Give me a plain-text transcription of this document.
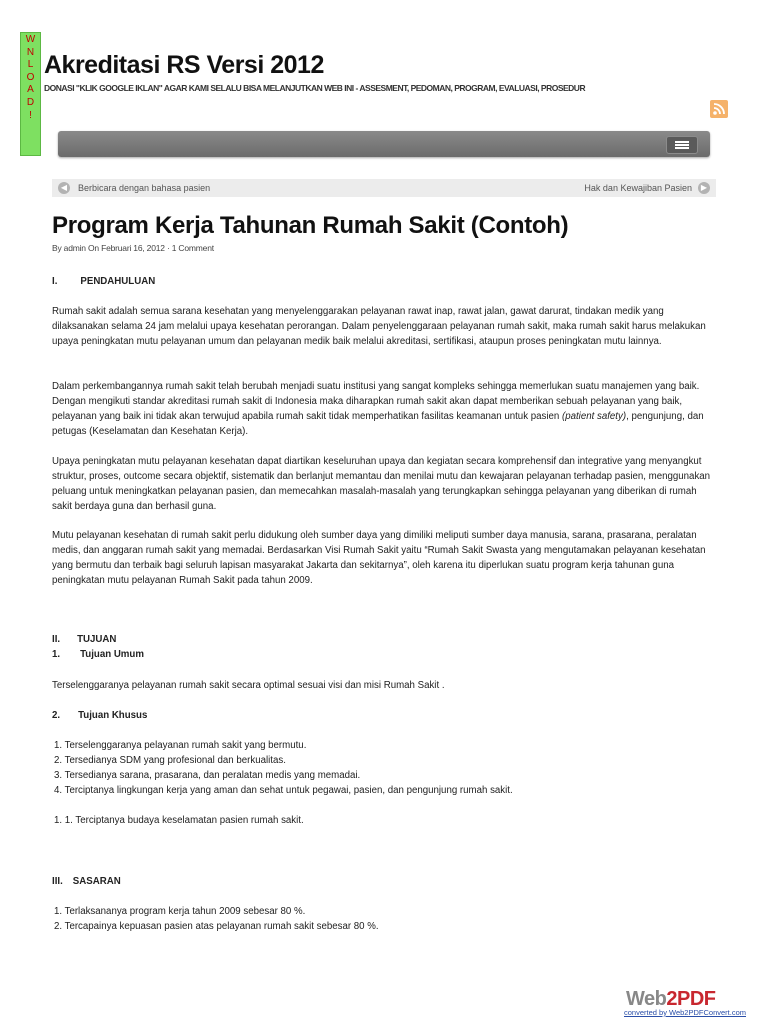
W
N
L
O
A
D
!
Akreditasi RS Versi 2012
DONASI "KLIK GOOGLE IKLAN" AGAR KAMI SELALU BISA MELANJUTKAN WEB INI - ASSESMENT, PEDOMAN, PROGRAM, EVALUASI, PROSEDUR
◀	Berbicara dengan bahasa pasien	Hak dan Kewajiban Pasien	▶
Program Kerja Tahunan Rumah Sakit (Contoh)
By admin On Februari 16, 2012 · 1 Comment

I. PENDAHULUAN

Rumah sakit adalah semua sarana kesehatan yang menyelenggarakan pelayanan rawat inap, rawat jalan, gawat darurat, tindakan medik yang dilaksanakan selama 24 jam melalui upaya kesehatan perorangan. Dalam penyelenggaraan pelayanan rumah sakit, maka rumah sakit harus melakukan upaya peningkatan mutu pelayanan umum dan pelayanan medik baik melalui akreditasi, sertifikasi, ataupun proses peningkatan mutu lainnya.

Dalam perkembangannya rumah sakit telah berubah menjadi suatu institusi yang sangat kompleks sehingga memerlukan suatu manajemen yang baik. Dengan mengikuti standar akreditasi rumah sakit di Indonesia maka diharapkan rumah sakit akan dapat memberikan sebuah pelayanan yang baik, pelayanan yang baik ini tidak akan terwujud apabila rumah sakit tidak memperhatikan fasilitas keamanan untuk pasien (patient safety), pengunjung, dan petugas (Keselamatan dan Kesehatan Kerja).

Upaya peningkatan mutu pelayanan kesehatan dapat diartikan keseluruhan upaya dan kegiatan secara komprehensif dan integrative yang menyangkut struktur, proses, outcome secara objektif, sistematik dan berlanjut memantau dan menilai mutu dan kewajaran pelayanan terhadap pasien, menggunakan peluang untuk meningkatkan pelayanan pasien, dan memecahkan masalah-masalah yang terungkapkan sehingga pelayanan yang diberikan di rumah sakit berdaya guna dan berhasil guna.

Mutu pelayanan kesehatan di rumah sakit perlu didukung oleh sumber daya yang dimiliki meliputi sumber daya manusia, sarana, prasarana, peralatan medis, dan anggaran rumah sakit yang memadai. Berdasarkan Visi Rumah Sakit yaitu “Rumah Sakit Swasta yang mengutamakan pelayanan kesehatan yang bermutu dan terbaik bagi seluruh lapisan masyarakat Jakarta dan sekitarnya”, oleh karena itu diperlukan suatu program kerja tahunan guna peningkatan mutu pelayanan Rumah Sakit pada tahun 2009.

II. TUJUAN

1. Tujuan Umum

Terselenggaranya pelayanan rumah sakit secara optimal sesuai visi dan misi Rumah Sakit .

2. Tujuan Khusus

1. Terselenggaranya pelayanan rumah sakit yang bermutu.
2. Tersedianya SDM yang profesional dan berkualitas.
3. Tersedianya sarana, prasarana, dan peralatan medis yang memadai.
4. Terciptanya lingkungan kerja yang aman dan sehat untuk pegawai, pasien, dan pengunjung rumah sakit.

1. 1. Terciptanya budaya keselamatan pasien rumah sakit.

III. SASARAN

1. Terlaksananya program kerja tahun 2009 sebesar 80 %.
2. Tercapainya kepuasan pasien atas pelayanan rumah sakit sebesar 80 %.
Web2PDF
converted by Web2PDFConvert.com
